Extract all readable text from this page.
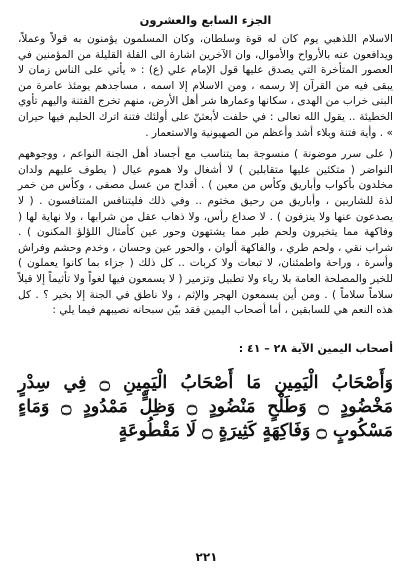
الجزء السابع والعشرون

الاسلام اللذهبي يوم كان له قوة وسلطان، وكان المسلمون يؤمنون به قولاً وعملاً، ويدافعون عنه بالأرواح والأموال، وان الآخرين اشارة الى القلة القليلة من المؤمنين في العصور المتأخرة التي يصدق عليها قول الإمام علي (ع) : « يأتي على الناس زمان لا يبقى فيه من القرآن إلا رسمه ، ومن الاسلام إلا اسمه ، مساجدهم يومئذ عامرة من البنى خراب من الهدى ، سكانها وعمارها شر أهل الأرض، منهم تخرج الفتنة واليهم تأوي الخطيئة .. يقول الله تعالى : في حلفت لأبعثنّ على أولئك فتنة اترك الحليم فيها حيران » . وأية فتنة وبلاء أشد وأعظم من الصهيونية والاستعمار .

( على سرر موضونة ) منسوجة بما يتناسب مع أجساد أهل الجنة النواعم ، ووجوههم النواضر ( متكئين عليها متقابلين ) لا أشغال ولا هموم عيال ( يطوف عليهم ولدان مخلدون بأكواب وأباريق وكأس من معين ) . أقداح من عسل مصفى ، وكأس من خمر لذة للشاربين ، وأباريق من رحيق مختوم .. وفي ذلك فليتنافس المتنافسون . ( لا يصدعون عنها ولا ينزفون ) . لا صداع رأس، ولا ذهاب عقل من شرابها ، ولا نهاية لها ( وفاكهة مما يتخيرون ولحم طير مما يشتهون وحور عين كأمثال اللؤلؤ المكنون ) . شراب نقي ، ولحم طري ، والفاكهة ألوان ، والحور عين وحسان ، وخدم وحشم وفراش وأسرة ، وراحة واطمئنان، لا تبعات ولا كربات .. كل ذلك ( جزاء بما كانوا يعملون ) للخير والمصلحة العامة بلا رياء ولا تطبيل وتزمير ( لا يسمعون فيها لغواً ولا تأثيماً إلا قيلاً سلاماً سلاماً ) . ومن أين يسمعون الهجر والإثم ، ولا ناطق في الجنة إلا بخير ؟ . كل هذه النعم هي للسابقين ، أما أصحاب اليمين فقد بيّن سبحانه نصيبهم فيما يلي :

أصحاب اليمين الآية ٢٨ – ٤١ :
وَأَصْحَابُ الْيَمِينِ مَا أَصْحَابُ الْيَمِينِ ۝ فِي سِدْرٍ مَخْضُودٍ ۝ وَطَلْحٍ مَنْضُودٍ ۝ وَظِلٍّ مَمْدُودٍ ۝ وَمَاءٍ مَسْكُوبٍ ۝ وَفَاكِهَةٍ كَثِيرَةٍ ۝ لَا مَقْطُوعَةٍ
٢٢١
